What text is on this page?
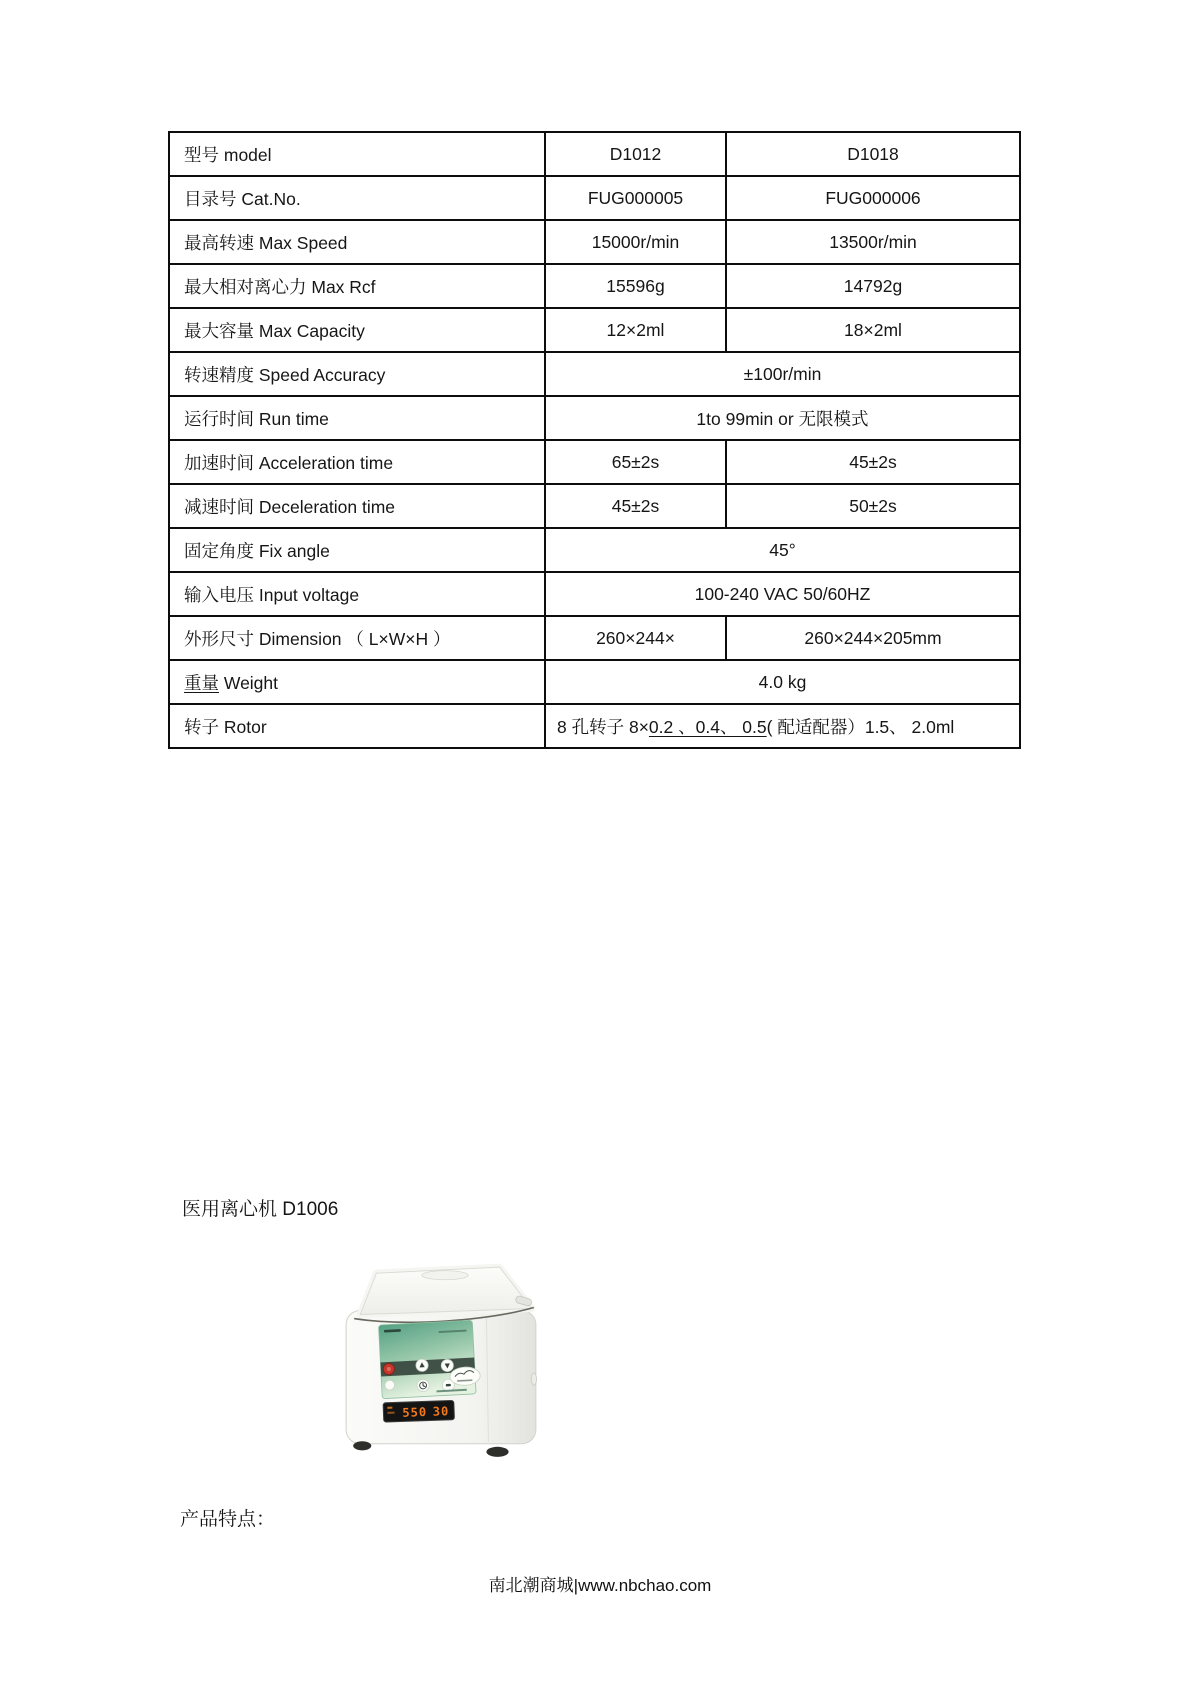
型号 model	D1012	D1018
目录号 Cat.No.	FUG000005	FUG000006
最高转速 Max Speed	15000r/min	13500r/min
最大相对离心力 Max Rcf	15596g	14792g
最大容量 Max Capacity	12×2ml	18×2ml
转速精度 Speed Accuracy	±100r/min	
运行时间 Run time	1to 99min or 无限模式	
加速时间 Acceleration time	65±2s	45±2s
减速时间 Deceleration time	45±2s	50±2s
固定角度 Fix angle	45°	
输入电压 Input voltage	100-240 VAC 50/60HZ	
外形尺寸 Dimension （ L×W×H ）	260×244×	260×244×205mm
重量 Weight	4.0 kg	
转子 Rotor	8 孔转子 8×0.2 、0.4、 0.5( 配适配器）1.5、 2.0ml	
医用离心机 D1006
550 30
产品特点：
南北潮商城|www.nbchao.com
